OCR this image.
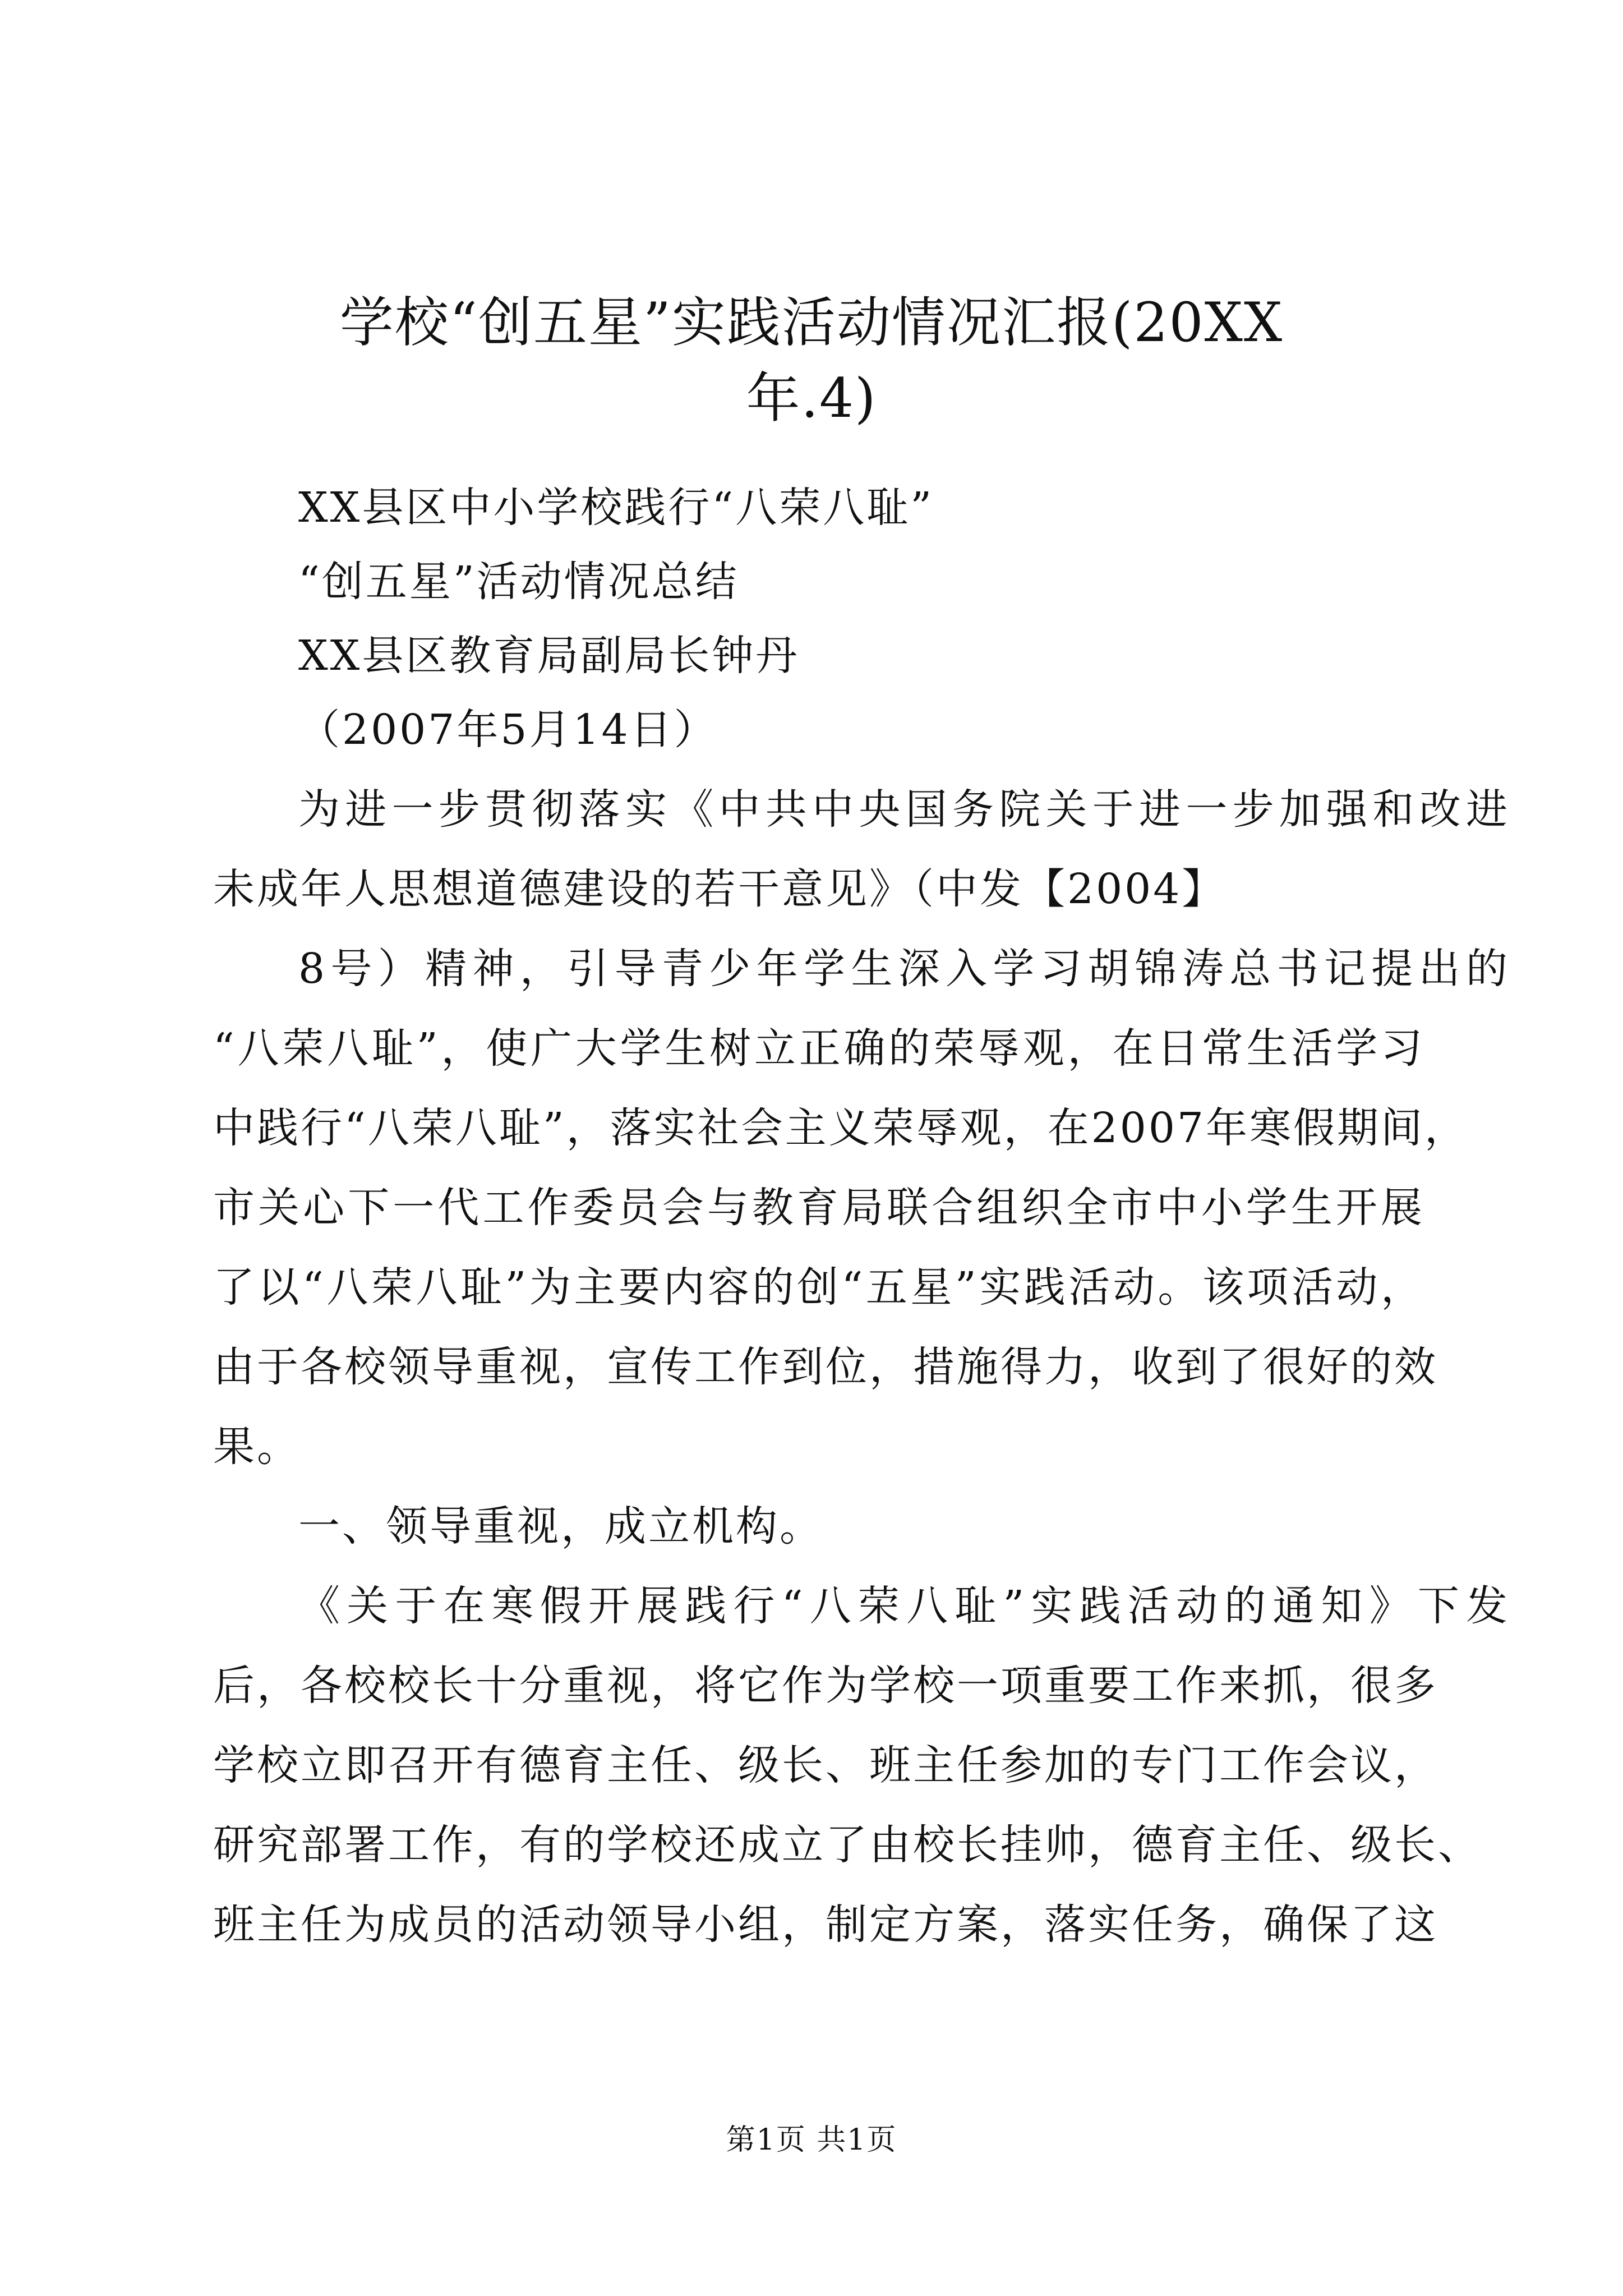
学校“创五星”实践活动情况汇报(20XX
年.4)

XX县区中小学校践行“八荣八耻”

“创五星”活动情况总结

XX县区教育局副局长钟丹

（2007年5月14日）

为进一步贯彻落实《中共中央国务院关于进一步加强和改进

未成年人思想道德建设的若干意见》（中发【2004】

8号）精神，引导青少年学生深入学习胡锦涛总书记提出的

“八荣八耻”，使广大学生树立正确的荣辱观，在日常生活学习

中践行“八荣八耻”，落实社会主义荣辱观，在2007年寒假期间，

市关心下一代工作委员会与教育局联合组织全市中小学生开展

了以“八荣八耻”为主要内容的创“五星”实践活动。该项活动，

由于各校领导重视，宣传工作到位，措施得力，收到了很好的效

果。

一、领导重视，成立机构。

《关于在寒假开展践行“八荣八耻”实践活动的通知》下发

后，各校校长十分重视，将它作为学校一项重要工作来抓，很多

学校立即召开有德育主任、级长、班主任参加的专门工作会议，

研究部署工作，有的学校还成立了由校长挂帅，德育主任、级长、

班主任为成员的活动领导小组，制定方案，落实任务，确保了这

第1页 共1页
